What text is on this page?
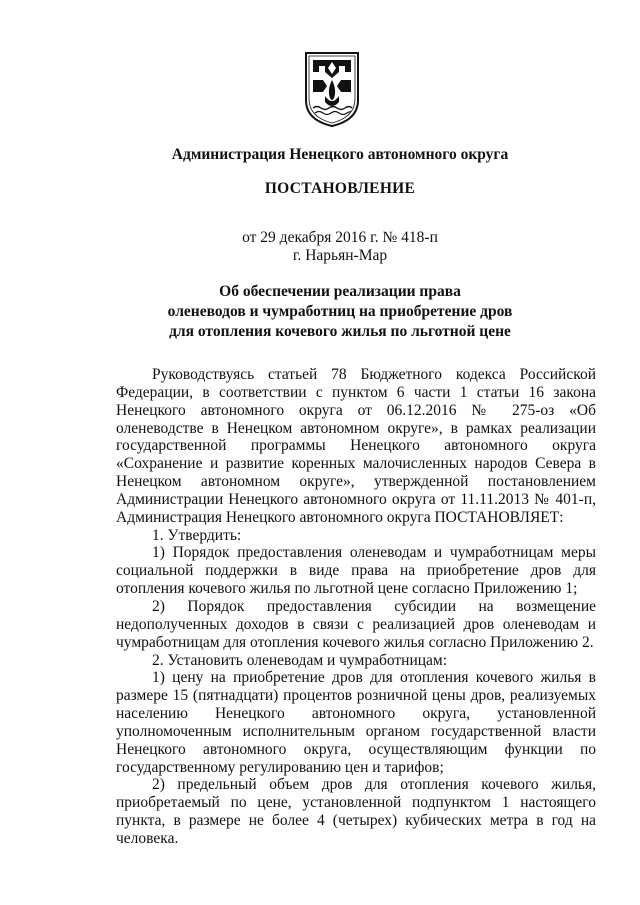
Администрация Ненецкого автономного округа
ПОСТАНОВЛЕНИЕ
от 29 декабря 2016 г. № 418-п
г. Нарьян-Мар
Об обеспечении реализации права
оленеводов и чумработниц на приобретение дров
для отопления кочевого жилья по льготной цене

Руководствуясь статьей 78 Бюджетного кодекса Российской Федерации, в соответствии с пунктом 6 части 1 статьи 16 закона Ненецкого автономного округа от 06.12.2016 № 275-оз «Об оленеводстве в Ненецком автономном округе», в рамках реализации государственной программы Ненецкого автономного округа «Сохранение и развитие коренных малочисленных народов Севера в Ненецком автономном округе», утвержденной постановлением Администрации Ненецкого автономного округа от 11.11.2013 № 401-п, Администрация Ненецкого автономного округа ПОСТАНОВЛЯЕТ:

1. Утвердить:

1) Порядок предоставления оленеводам и чумработницам меры социальной поддержки в виде права на приобретение дров для отопления кочевого жилья по льготной цене согласно Приложению 1;

2) Порядок предоставления субсидии на возмещение недополученных доходов в связи с реализацией дров оленеводам и чумработницам для отопления кочевого жилья согласно Приложению 2.

2. Установить оленеводам и чумработницам:

1) цену на приобретение дров для отопления кочевого жилья в размере 15 (пятнадцати) процентов розничной цены дров, реализуемых населению Ненецкого автономного округа, установленной уполномоченным исполнительным органом государственной власти Ненецкого автономного округа, осуществляющим функции по государственному регулированию цен и тарифов;

2) предельный объем дров для отопления кочевого жилья, приобретаемый по цене, установленной подпунктом 1 настоящего пункта, в размере не более 4 (четырех) кубических метра в год на человека.
